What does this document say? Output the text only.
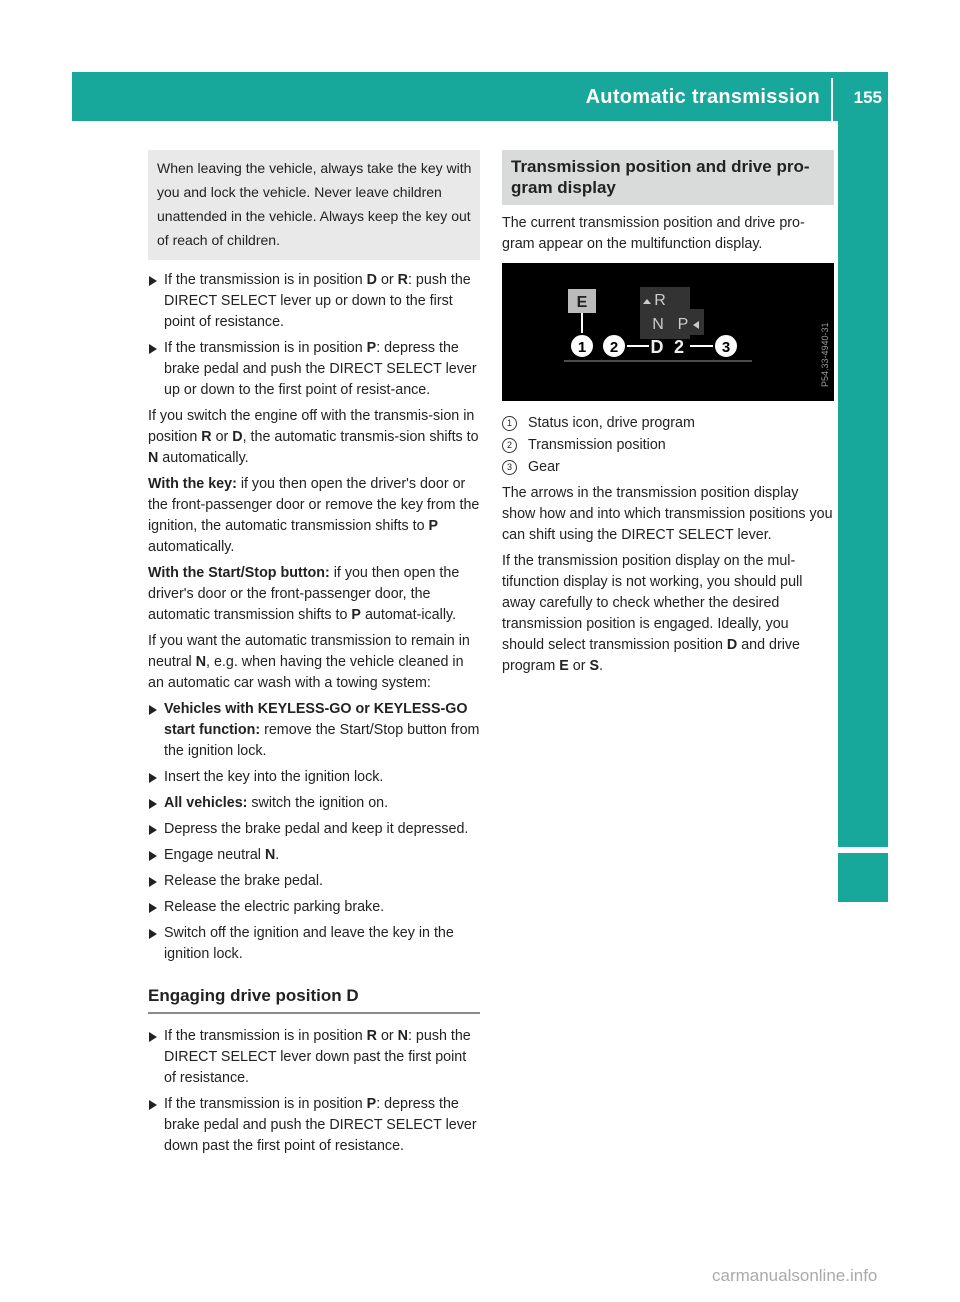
Automatic transmission 155
Driving and parking
When leaving the vehicle, always take the key with you and lock the vehicle. Never leave children unattended in the vehicle. Always keep the key out of reach of children.
If the transmission is in position D or R: push the DIRECT SELECT lever up or down to the first point of resistance.
If the transmission is in position P: depress the brake pedal and push the DIRECT SELECT lever up or down to the first point of resist-ance.

If you switch the engine off with the transmis-sion in position R or D, the automatic transmis-sion shifts to N automatically.

With the key: if you then open the driver's door or the front-passenger door or remove the key from the ignition, the automatic transmission shifts to P automatically.

With the Start/Stop button: if you then open the driver's door or the front-passenger door, the automatic transmission shifts to P automat-ically.

If you want the automatic transmission to remain in neutral N, e.g. when having the vehicle cleaned in an automatic car wash with a towing system:

Vehicles with KEYLESS-GO or KEYLESS-GO start function: remove the Start/Stop button from the ignition lock.
Insert the key into the ignition lock.
All vehicles: switch the ignition on.
Depress the brake pedal and keep it depressed.
Engage neutral N.
Release the brake pedal.
Release the electric parking brake.
Switch off the ignition and leave the key in the ignition lock.
Engaging drive position D
If the transmission is in position R or N: push the DIRECT SELECT lever down past the first point of resistance.
If the transmission is in position P: depress the brake pedal and push the DIRECT SELECT lever down past the first point of resistance.
Transmission position and drive pro-gram display

The current transmission position and drive pro-gram appear on the multifunction display.

E	R
N P
D 2
1 2	3	P54.33-4940-31
1	Status icon, drive program
2	Transmission position
3	Gear

The arrows in the transmission position display show how and into which transmission positions you can shift using the DIRECT SELECT lever.

If the transmission position display on the mul-tifunction display is not working, you should pull away carefully to check whether the desired transmission position is engaged. Ideally, you should select transmission position D and drive program E or S.

carmanualsonline.info
